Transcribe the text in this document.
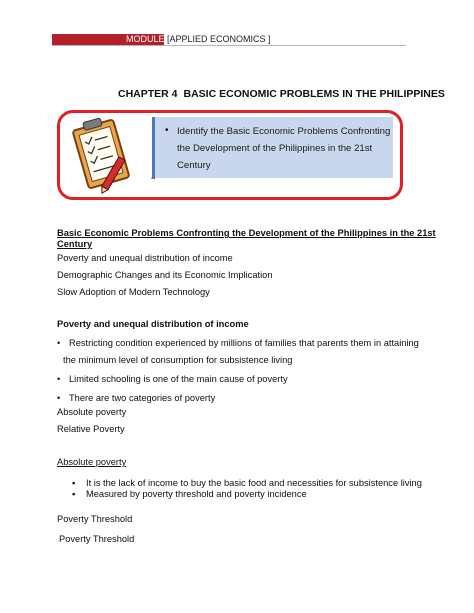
MODULE [APPLIED ECONOMICS ]
CHAPTER 4 BASIC ECONOMIC PROBLEMS IN THE PHILIPPINES
• Identify the Basic Economic Problems Confronting the Development of the Philippines in the 21st Century
▪▪
Basic Economic Problems Confronting the Development of the Philippines in the 21st
Century
Poverty and unequal distribution of income
Demographic Changes and its Economic Implication
Slow Adoption of Modern Technology
Poverty and unequal distribution of income
• Restricting condition experienced by millions of families that parents them in attaining
the minimum level of consumption for subsistence living
• Limited schooling is one of the main cause of poverty
• There are two categories of poverty
Absolute poverty
Relative Poverty
Absolute poverty
▪ It is the lack of income to buy the basic food and necessities for subsistence living
▪ Measured by poverty threshold and poverty incidence
Poverty Threshold
Poverty Threshold
